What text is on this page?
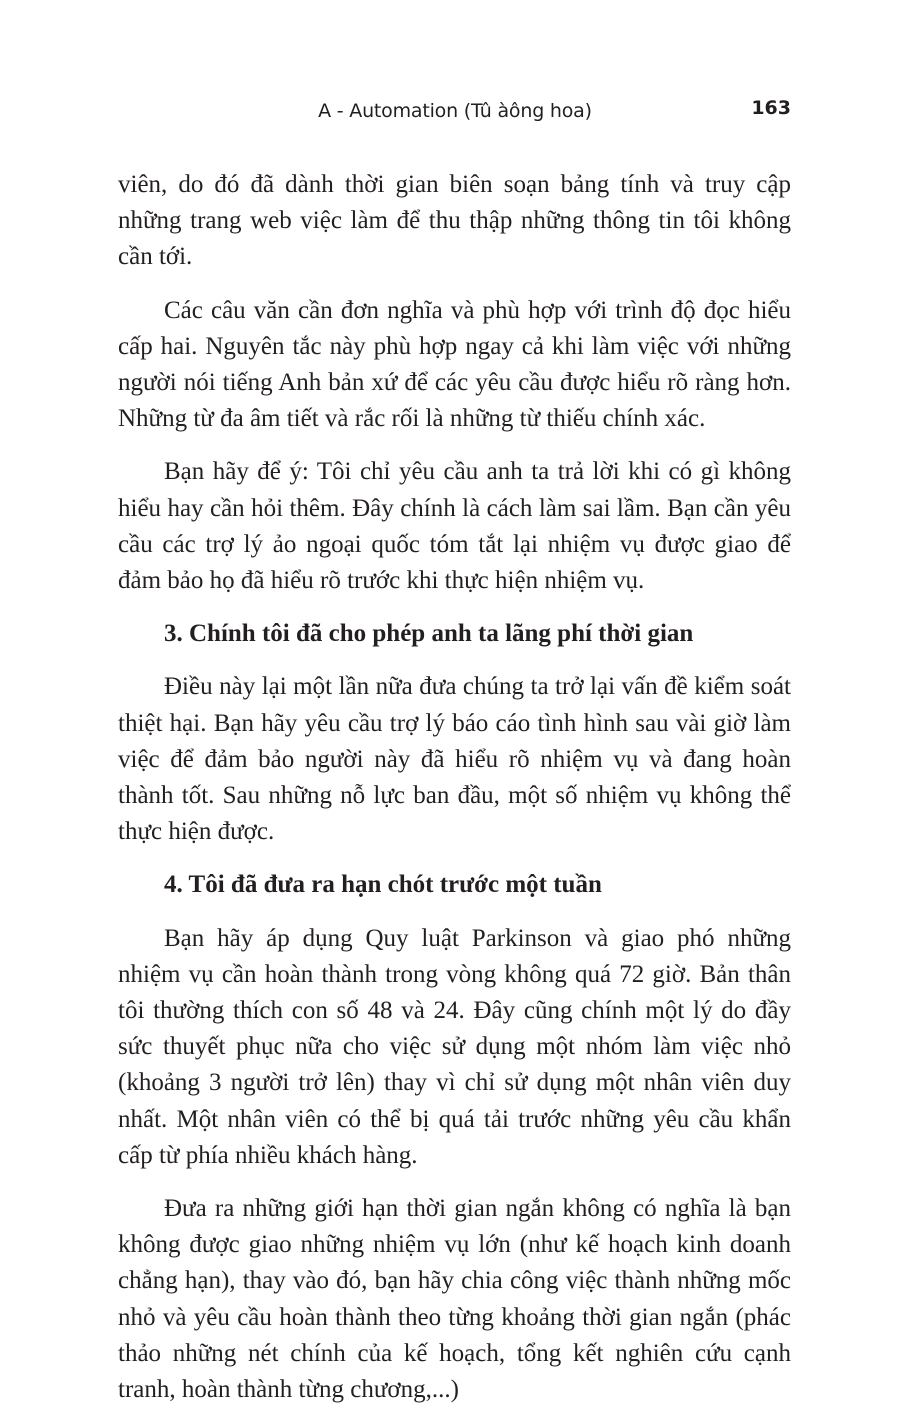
A - Automation (Tû àông hoa)	163

viên, do đó đã dành thời gian biên soạn bảng tính và truy cập những trang web việc làm để thu thập những thông tin tôi không cần tới.

Các câu văn cần đơn nghĩa và phù hợp với trình độ đọc hiểu cấp hai. Nguyên tắc này phù hợp ngay cả khi làm việc với những người nói tiếng Anh bản xứ để các yêu cầu được hiểu rõ ràng hơn. Những từ đa âm tiết và rắc rối là những từ thiếu chính xác.

Bạn hãy để ý: Tôi chỉ yêu cầu anh ta trả lời khi có gì không hiểu hay cần hỏi thêm. Đây chính là cách làm sai lầm. Bạn cần yêu cầu các trợ lý ảo ngoại quốc tóm tắt lại nhiệm vụ được giao để đảm bảo họ đã hiểu rõ trước khi thực hiện nhiệm vụ.

3. Chính tôi đã cho phép anh ta lãng phí thời gian

Điều này lại một lần nữa đưa chúng ta trở lại vấn đề kiểm soát thiệt hại. Bạn hãy yêu cầu trợ lý báo cáo tình hình sau vài giờ làm việc để đảm bảo người này đã hiểu rõ nhiệm vụ và đang hoàn thành tốt. Sau những nỗ lực ban đầu, một số nhiệm vụ không thể thực hiện được.

4. Tôi đã đưa ra hạn chót trước một tuần

Bạn hãy áp dụng Quy luật Parkinson và giao phó những nhiệm vụ cần hoàn thành trong vòng không quá 72 giờ. Bản thân tôi thường thích con số 48 và 24. Đây cũng chính một lý do đầy sức thuyết phục nữa cho việc sử dụng một nhóm làm việc nhỏ (khoảng 3 người trở lên) thay vì chỉ sử dụng một nhân viên duy nhất. Một nhân viên có thể bị quá tải trước những yêu cầu khẩn cấp từ phía nhiều khách hàng.

Đưa ra những giới hạn thời gian ngắn không có nghĩa là bạn không được giao những nhiệm vụ lớn (như kế hoạch kinh doanh chẳng hạn), thay vào đó, bạn hãy chia công việc thành những mốc nhỏ và yêu cầu hoàn thành theo từng khoảng thời gian ngắn (phác thảo những nét chính của kế hoạch, tổng kết nghiên cứu cạnh tranh, hoàn thành từng chương,...)
